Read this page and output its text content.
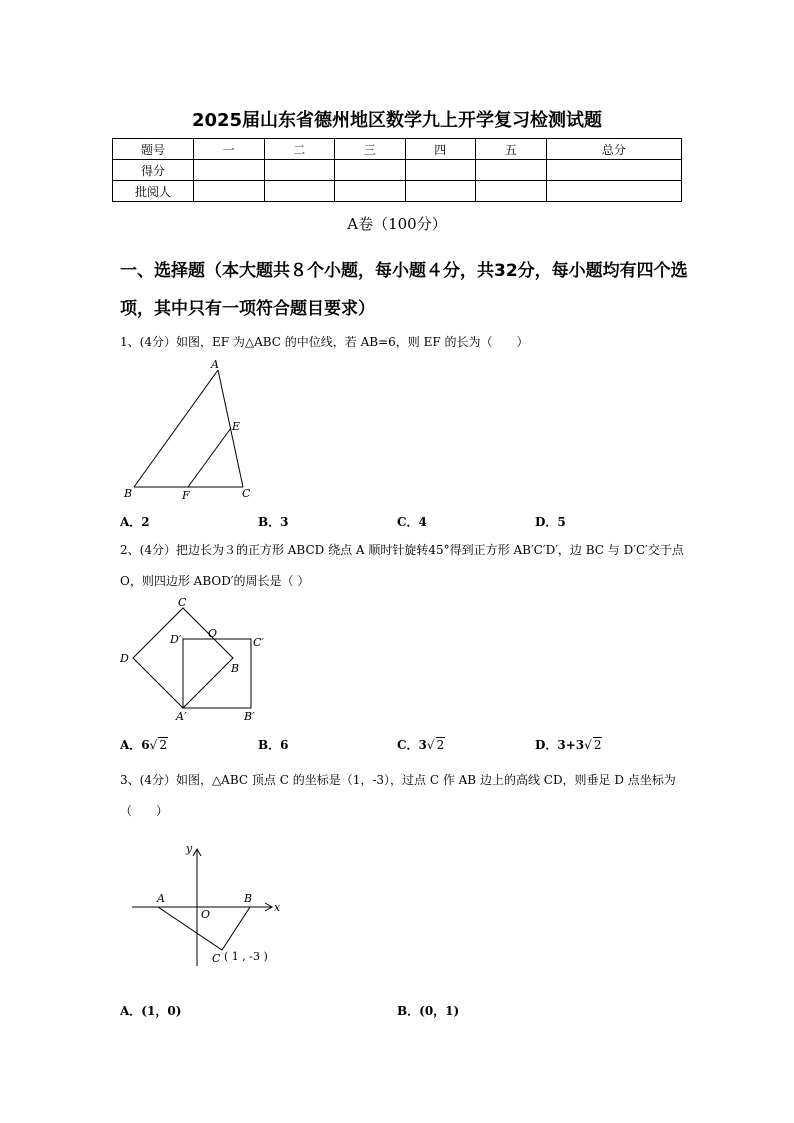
2025届山东省德州地区数学九上开学复习检测试题
题号	一	二	三	四	五	总分
得分						
批阅人						
A卷（100分）
一、选择题（本大题共８个小题，每小题４分，共32分，每小题均有四个选项，其中只有一项符合题目要求）
1、(4分）如图，EF 为△ABC 的中位线，若 AB=6，则 EF 的长为（　　）
A
E
B	F	C
A．2	B．3	C．4	D．5
2、(4分）把边长为３的正方形 ABCD 绕点 A 顺时针旋转45°得到正方形 AB′C′D′，边 BC 与 D′C′交于点 O，则四边形 ABOD′的周长是（ ）
C
D
D′ O
C′
B
A′	B′
A．6√ 2	B．6	C．3√ 2	D．3+3√ 2
3、(4分）如图，△ABC 顶点 C 的坐标是（1，-3），过点 C 作 AB 边上的高线 CD，则垂足 D 点坐标为（　　）
y
x
A	B
O
C ( 1 , -3 )
A．(1，0)	B．(0，1)
